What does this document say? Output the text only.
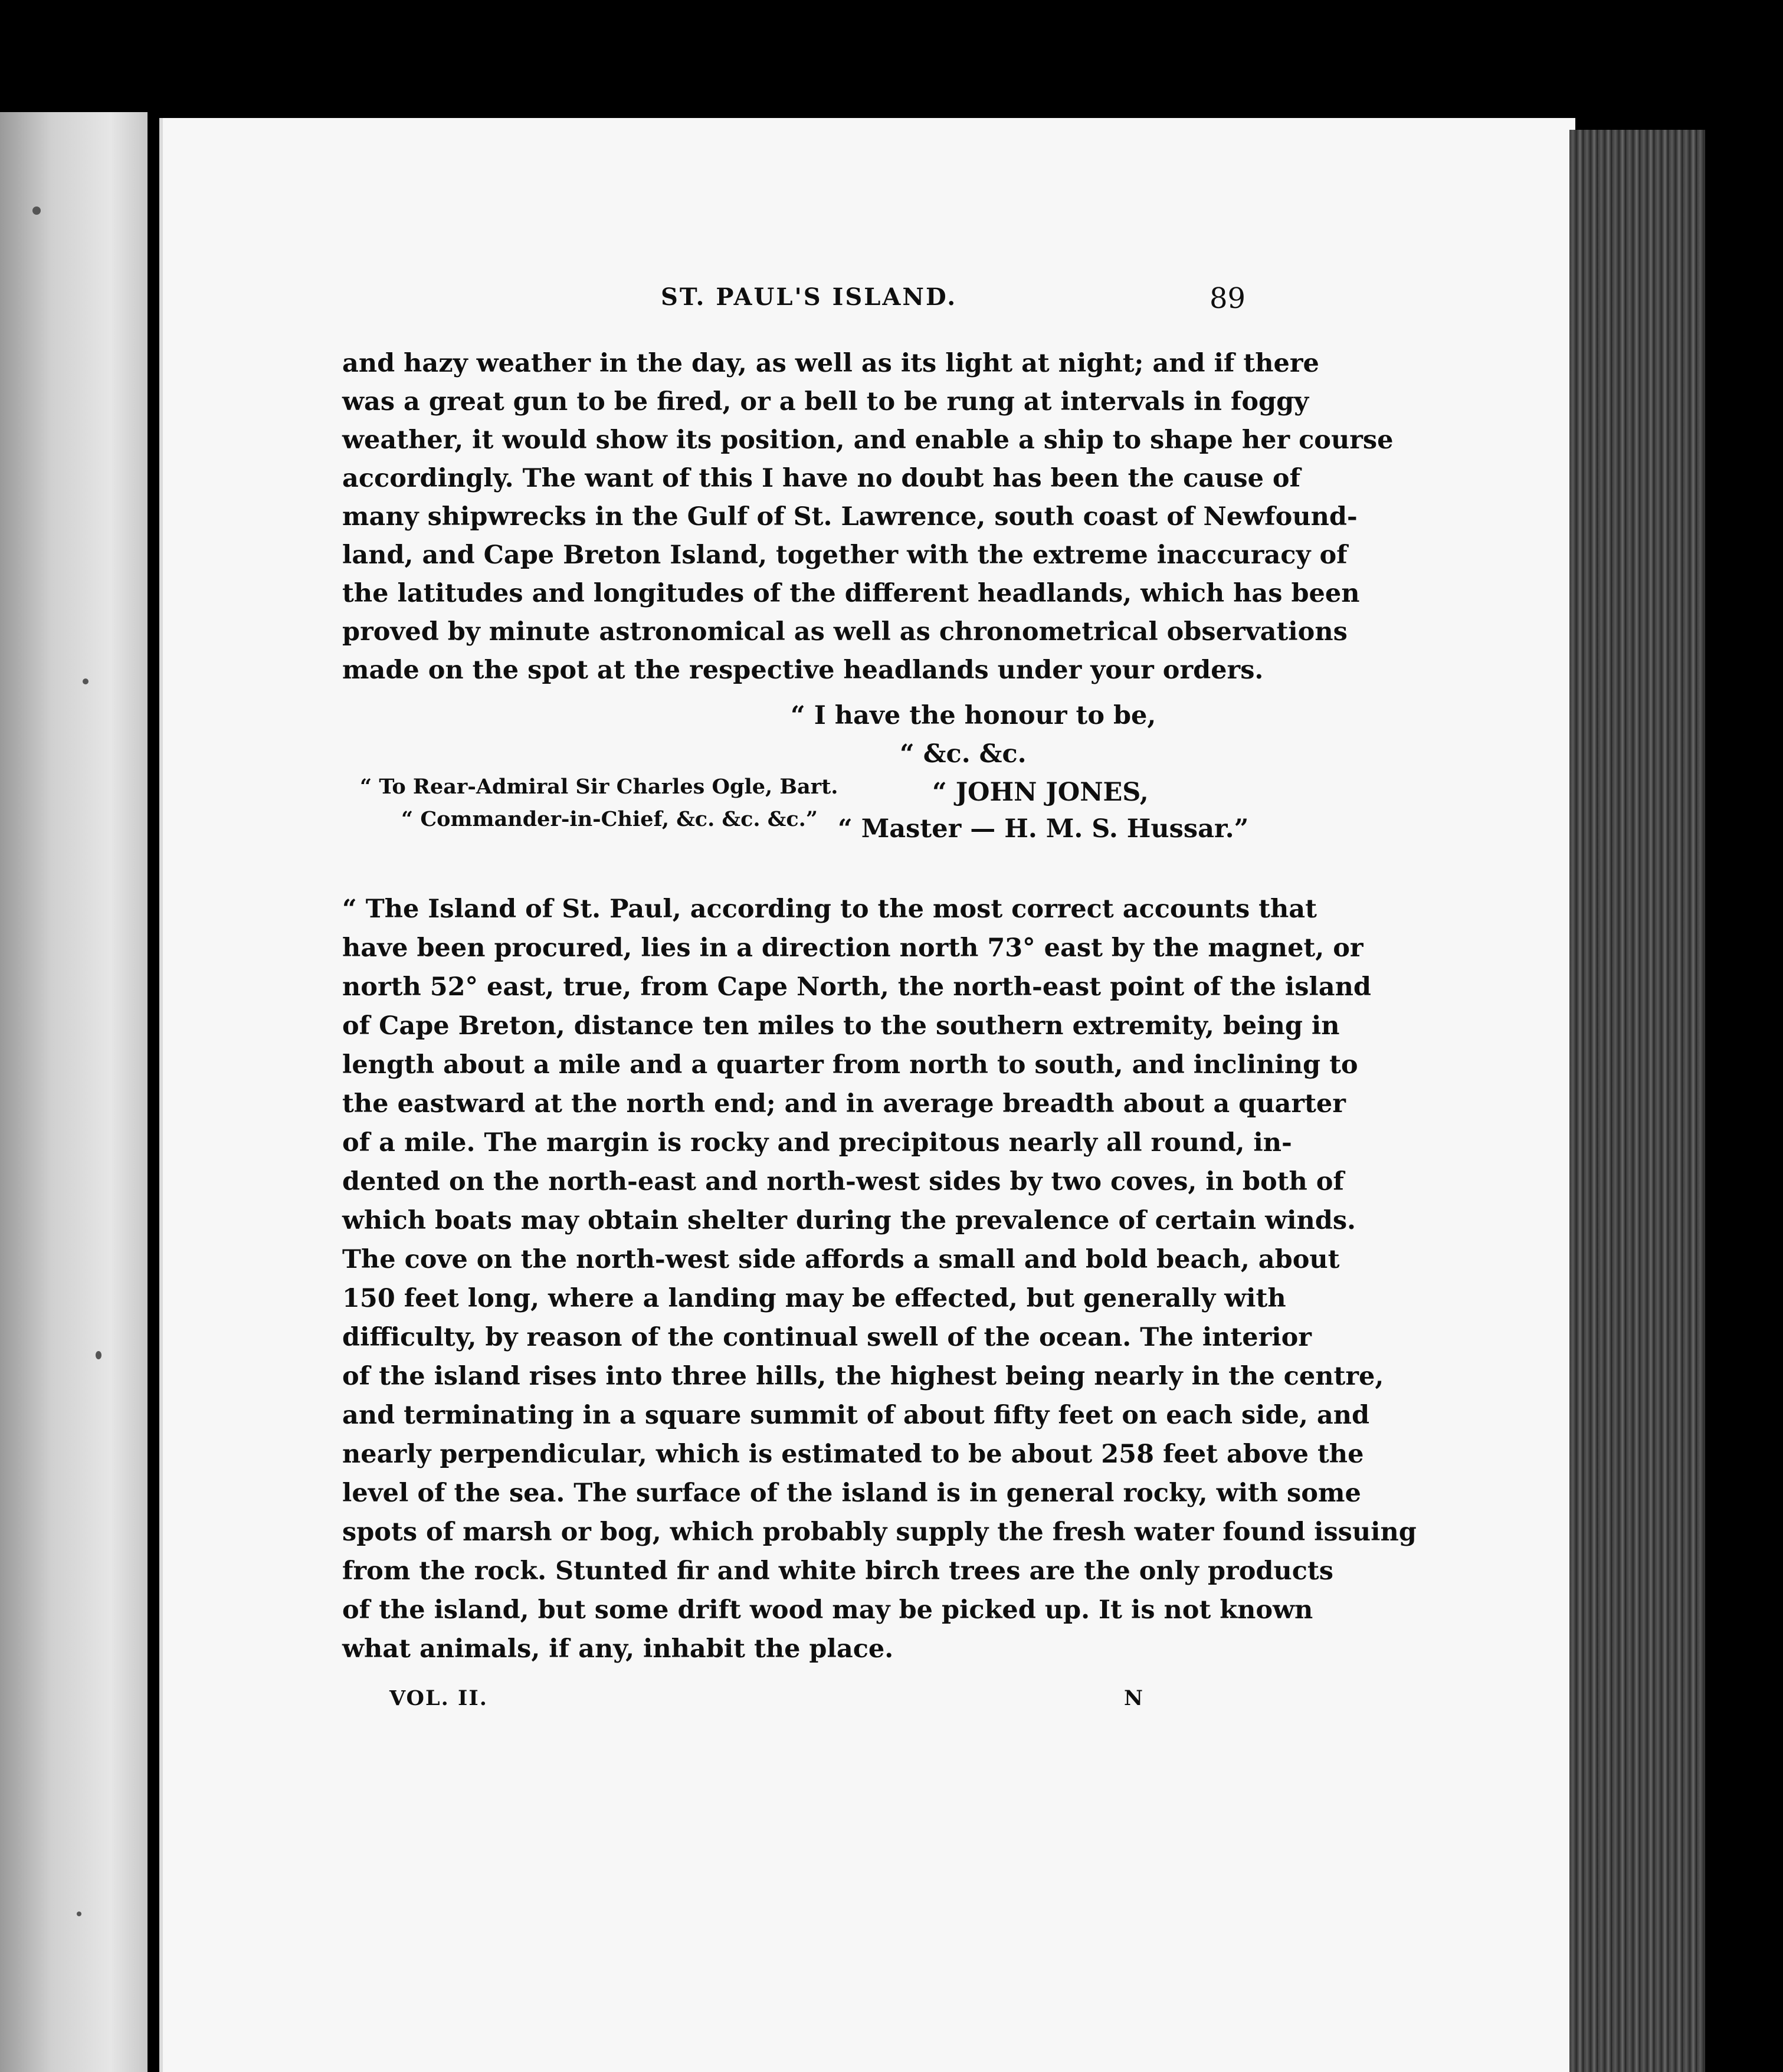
ST. PAUL'S ISLAND.	89
and hazy weather in the day, as well as its light at night; and if there
was a great gun to be fired, or a bell to be rung at intervals in foggy
weather, it would show its position, and enable a ship to shape her course
accordingly. The want of this I have no doubt has been the cause of
many shipwrecks in the Gulf of St. Lawrence, south coast of Newfound-
land, and Cape Breton Island, together with the extreme inaccuracy of
the latitudes and longitudes of the different headlands, which has been
proved by minute astronomical as well as chronometrical observations
made on the spot at the respective headlands under your orders.
“ I have the honour to be,
“ &c. &c.
“ To Rear-Admiral Sir Charles Ogle, Bart.
“ Commander-in-Chief, &c. &c. &c.”
“ JOHN JONES,
“ Master — H. M. S. Hussar.”
“ The Island of St. Paul, according to the most correct accounts that
have been procured, lies in a direction north 73° east by the magnet, or
north 52° east, true, from Cape North, the north-east point of the island
of Cape Breton, distance ten miles to the southern extremity, being in
length about a mile and a quarter from north to south, and inclining to
the eastward at the north end; and in average breadth about a quarter
of a mile. The margin is rocky and precipitous nearly all round, in-
dented on the north-east and north-west sides by two coves, in both of
which boats may obtain shelter during the prevalence of certain winds.
The cove on the north-west side affords a small and bold beach, about
150 feet long, where a landing may be effected, but generally with
difficulty, by reason of the continual swell of the ocean. The interior
of the island rises into three hills, the highest being nearly in the centre,
and terminating in a square summit of about fifty feet on each side, and
nearly perpendicular, which is estimated to be about 258 feet above the
level of the sea. The surface of the island is in general rocky, with some
spots of marsh or bog, which probably supply the fresh water found issuing
from the rock. Stunted fir and white birch trees are the only products
of the island, but some drift wood may be picked up. It is not known
what animals, if any, inhabit the place.
VOL. II.	N
